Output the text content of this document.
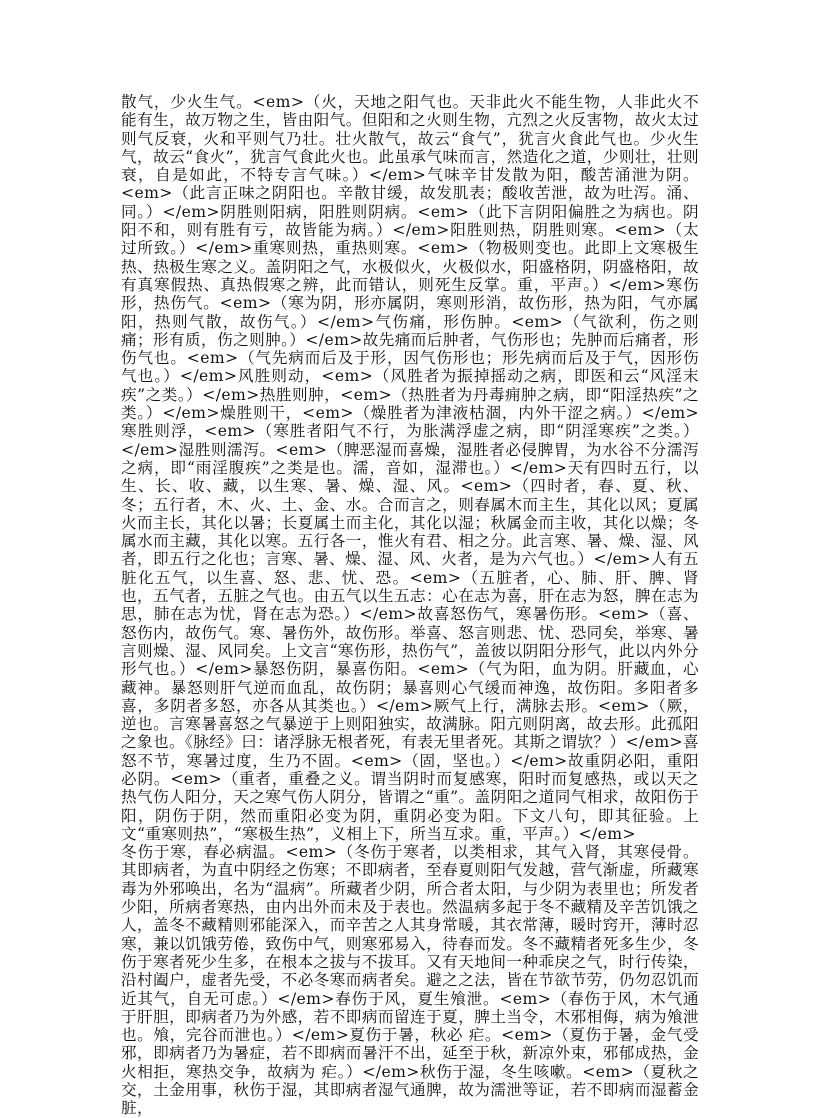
散气，少火生气。<em>（火，天地之阳气也。天非此火不能生物，人非此火不能有生，故万物之生，皆由阳气。但阳和之火则生物，亢烈之火反害物，故火太过则气反衰，火和平则气乃壮。壮火散气，故云“食气”，犹言火食此气也。少火生气，故云“食火”，犹言气食此火也。此虽承气味而言，然造化之道，少则壮，壮则衰，自是如此，不特专言气味。）</em>气味辛甘发散为阳，酸苦涌泄为阴。<em>（此言正味之阴阳也。辛散甘缓，故发肌表；酸收苦泄，故为吐泻。涌、 同。）</em>阴胜则阳病，阳胜则阴病。<em>（此下言阴阳偏胜之为病也。阴阳不和，则有胜有亏，故皆能为病。）</em>阳胜则热，阴胜则寒。<em>（太过所致。）</em>重寒则热，重热则寒。<em>（物极则变也。此即上文寒极生热、热极生寒之义。盖阴阳之气，水极似火，火极似水，阳盛格阴，阴盛格阳，故有真寒假热、真热假寒之辨，此而错认，则死生反掌。重，平声。）</em>寒伤形，热伤气。<em>（寒为阴，形亦属阴，寒则形消，故伤形，热为阳，气亦属阳，热则气散，故伤气。）</em>气伤痛，形伤肿。<em>（气欲利，伤之则痛；形有质，伤之则肿。）</em>故先痛而后肿者，气伤形也；先肿而后痛者，形伤气也。<em>（气先病而后及于形，因气伤形也；形先病而后及于气，因形伤气也。）</em>风胜则动，<em>（风胜者为振掉摇动之病，即医和云“风淫末疾”之类。）</em>热胜则肿，<em>（热胜者为丹毒痈肿之病，即“阳淫热疾”之类。）</em>燥胜则干，<em>（燥胜者为津液枯涸，内外干涩之病。）</em>寒胜则浮，<em>（寒胜者阳气不行，为胀满浮虚之病，即“阴淫寒疾”之类。）</em>湿胜则濡泻。<em>（脾恶湿而喜燥，湿胜者必侵脾胃，为水谷不分濡泻之病，即“雨淫腹疾”之类是也。濡，音如，湿滞也。）</em>天有四时五行，以生、长、收、藏，以生寒、暑、燥、湿、风。<em>（四时者，春、夏、秋、冬；五行者，木、火、土、金、水。合而言之，则春属木而主生，其化以风；夏属火而主长，其化以暑；长夏属土而主化，其化以湿；秋属金而主收，其化以燥；冬属水而主藏，其化以寒。五行各一，惟火有君、相之分。此言寒、暑、燥、湿、风者，即五行之化也；言寒、暑、燥、湿、风、火者，是为六气也。）</em>人有五脏化五气，以生喜、怒、悲、忧、恐。<em>（五脏者，心、肺、肝、脾、肾也，五气者，五脏之气也。由五气以生五志：心在志为喜，肝在志为怒，脾在志为思，肺在志为忧，肾在志为恐。）</em>故喜怒伤气，寒暑伤形。<em>（喜、怒伤内，故伤气。寒、暑伤外，故伤形。举喜、怒言则悲、忧、恐同矣，举寒、暑言则燥、湿、风同矣。上文言“寒伤形，热伤气”，盖彼以阴阳分形气，此以内外分形气也。）</em>暴怒伤阴，暴喜伤阳。<em>（气为阳，血为阴。肝藏血，心藏神。暴怒则肝气逆而血乱，故伤阴；暴喜则心气缓而神逸，故伤阳。多阳者多喜，多阴者多怒，亦各从其类也。）</em>厥气上行，满脉去形。<em>（厥，逆也。言寒暑喜怒之气暴逆于上则阳独实，故满脉。阳亢则阴离，故去形。此孤阳之象也。《脉经》曰：诸浮脉无根者死，有表无里者死。其斯之谓欤？）</em>喜怒不节，寒暑过度，生乃不固。<em>（固，坚也。）</em>故重阴必阳，重阳必阴。<em>（重者，重叠之义。谓当阴时而复感寒，阳时而复感热，或以天之热气伤人阳分，天之寒气伤人阴分，皆谓之“重”。盖阴阳之道同气相求，故阳伤于阳，阴伤于阴，然而重阳必变为阴，重阴必变为阳。下文八句，即其征验。上文“重寒则热”，“寒极生热”，义相上下，所当互求。重，平声。）</em>

冬伤于寒，春必病温。<em>（冬伤于寒者，以类相求，其气入肾，其寒侵骨。其即病者，为直中阴经之伤寒；不即病者，至春夏则阳气发越，营气渐虚，所藏寒毒为外邪唤出，名为“温病”。所藏者少阴，所合者太阳，与少阴为表里也；所发者少阳，所病者寒热，由内出外而未及于表也。然温病多起于冬不藏精及辛苦饥饿之人，盖冬不藏精则邪能深入，而辛苦之人其身常暖，其衣常薄，暖时窍开，薄时忍寒，兼以饥饿劳倦，致伤中气，则寒邪易入，待春而发。冬不藏精者死多生少，冬伤于寒者死少生多，在根本之拔与不拔耳。又有天地间一种乖戾之气，时行传染，沿村阖户，虚者先受，不必冬寒而病者矣。避之之法，皆在节欲节劳，仍勿忍饥而近其气，自无可虑。）</em>春伤于风，夏生飧泄。<em>（春伤于风，木气通于肝胆，即病者乃为外感，若不即病而留连于夏，脾土当令，木邪相侮，病为飧泄也。飧，完谷而泄也。）</em>夏伤于暑，秋必 疟。<em>（夏伤于暑，金气受邪，即病者乃为暑症，若不即病而暑汗不出，延至于秋，新凉外束，邪郁成热，金火相拒，寒热交争，故病为 疟。）</em>秋伤于湿，冬生咳嗽。<em>（夏秋之交，土金用事，秋伤于湿，其即病者湿气通脾，故为濡泄等证，若不即病而湿蓄金脏，
